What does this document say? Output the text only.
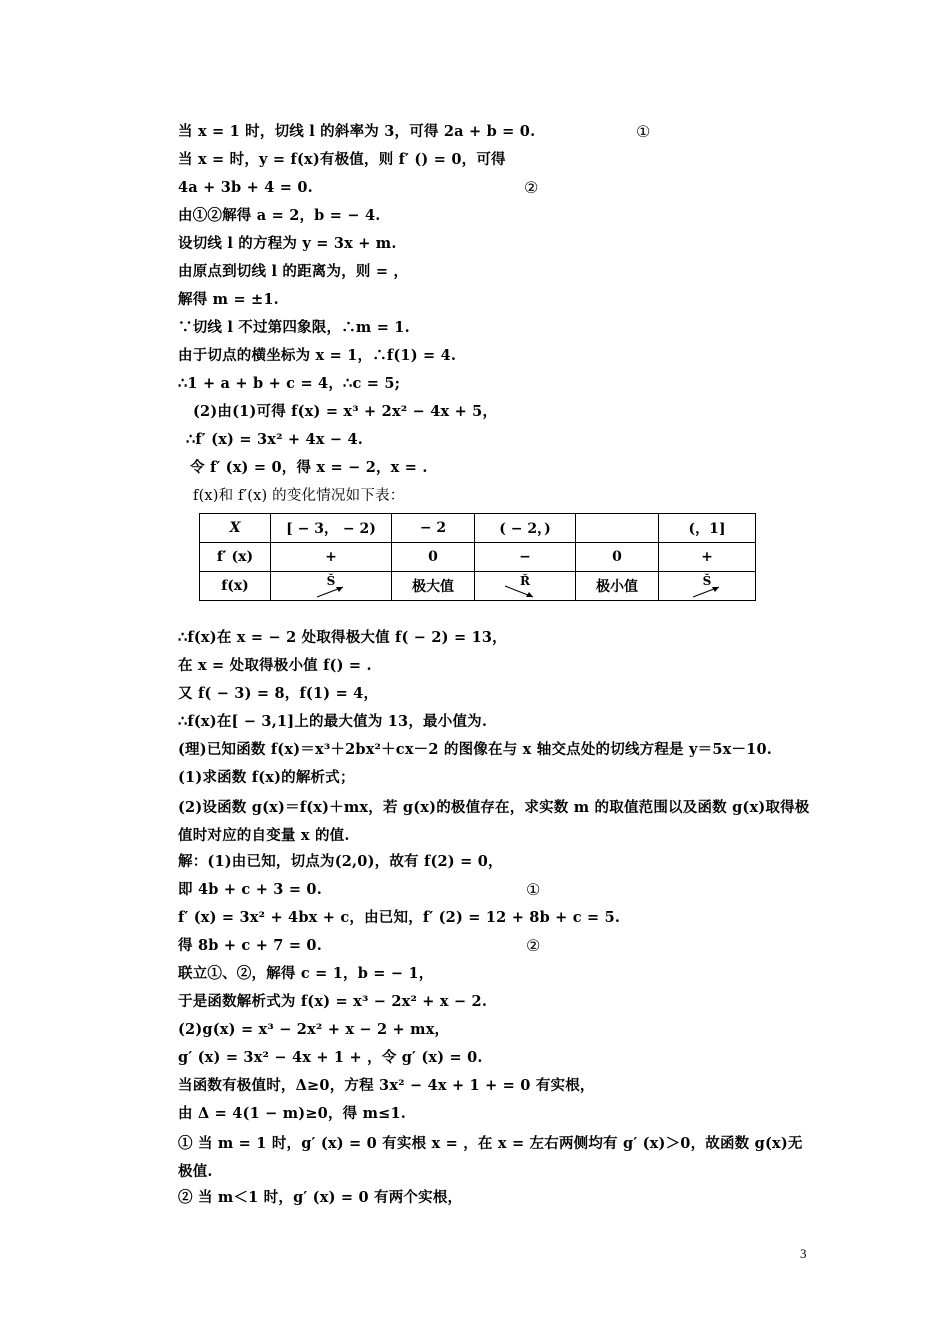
当 x = 1 时，切线 l 的斜率为 3，可得 2a + b = 0.	①
当 x = 时，y = f(x)有极值，则 f′ () = 0，可得
4a + 3b + 4 = 0.	②
由①②解得 a = 2，b = − 4.
设切线 l 的方程为 y = 3x + m.
由原点到切线 l 的距离为，则 = ，
解得 m = ±1.
∵切线 l 不过第四象限，∴m = 1.
由于切点的横坐标为 x = 1，∴f(1) = 4.
∴1 + a + b + c = 4，∴c = 5;
(2)由(1)可得 f(x) = x³ + 2x² − 4x + 5，
∴f′ (x) = 3x² + 4x − 4.
令 f′ (x) = 0，得 x = − 2，x = .
f(x)和 f′(x) 的变化情况如下表：
X	[ − 3， − 2)	− 2	( − 2，)		(，1]
f′ (x)	+	0	−	0	+
f(x)	Š	极大值	Ř	极小值	Š
∴f(x)在 x = − 2 处取得极大值 f( − 2) = 13，
在 x = 处取得极小值 f() = .
又 f( − 3) = 8，f(1) = 4，
∴f(x)在[ − 3,1]上的最大值为 13，最小值为.
(理)已知函数 f(x)＝x³＋2bx²＋cx－2 的图像在与 x 轴交点处的切线方程是 y＝5x－10.
(1)求函数 f(x)的解析式；
(2)设函数 g(x)＝f(x)＋mx，若 g(x)的极值存在，求实数 m 的取值范围以及函数 g(x)取得极值时对应的自变量 x 的值.
解：(1)由已知，切点为(2,0)，故有 f(2) = 0，
即 4b + c + 3 = 0.	①
f′ (x) = 3x² + 4bx + c，由已知，f′ (2) = 12 + 8b + c = 5.
得 8b + c + 7 = 0.	②
联立①、②，解得 c = 1，b = − 1，
于是函数解析式为 f(x) = x³ − 2x² + x − 2.
(2)g(x) = x³ − 2x² + x − 2 + mx，
g′ (x) = 3x² − 4x + 1 + ，令 g′ (x) = 0.
当函数有极值时，Δ≥0，方程 3x² − 4x + 1 + = 0 有实根，
由 Δ = 4(1 − m)≥0，得 m≤1.
① 当 m = 1 时，g′ (x) = 0 有实根 x = ，在 x = 左右两侧均有 g′ (x)＞0，故函数 g(x)无极值.
② 当 m＜1 时，g′ (x) = 0 有两个实根，
3
